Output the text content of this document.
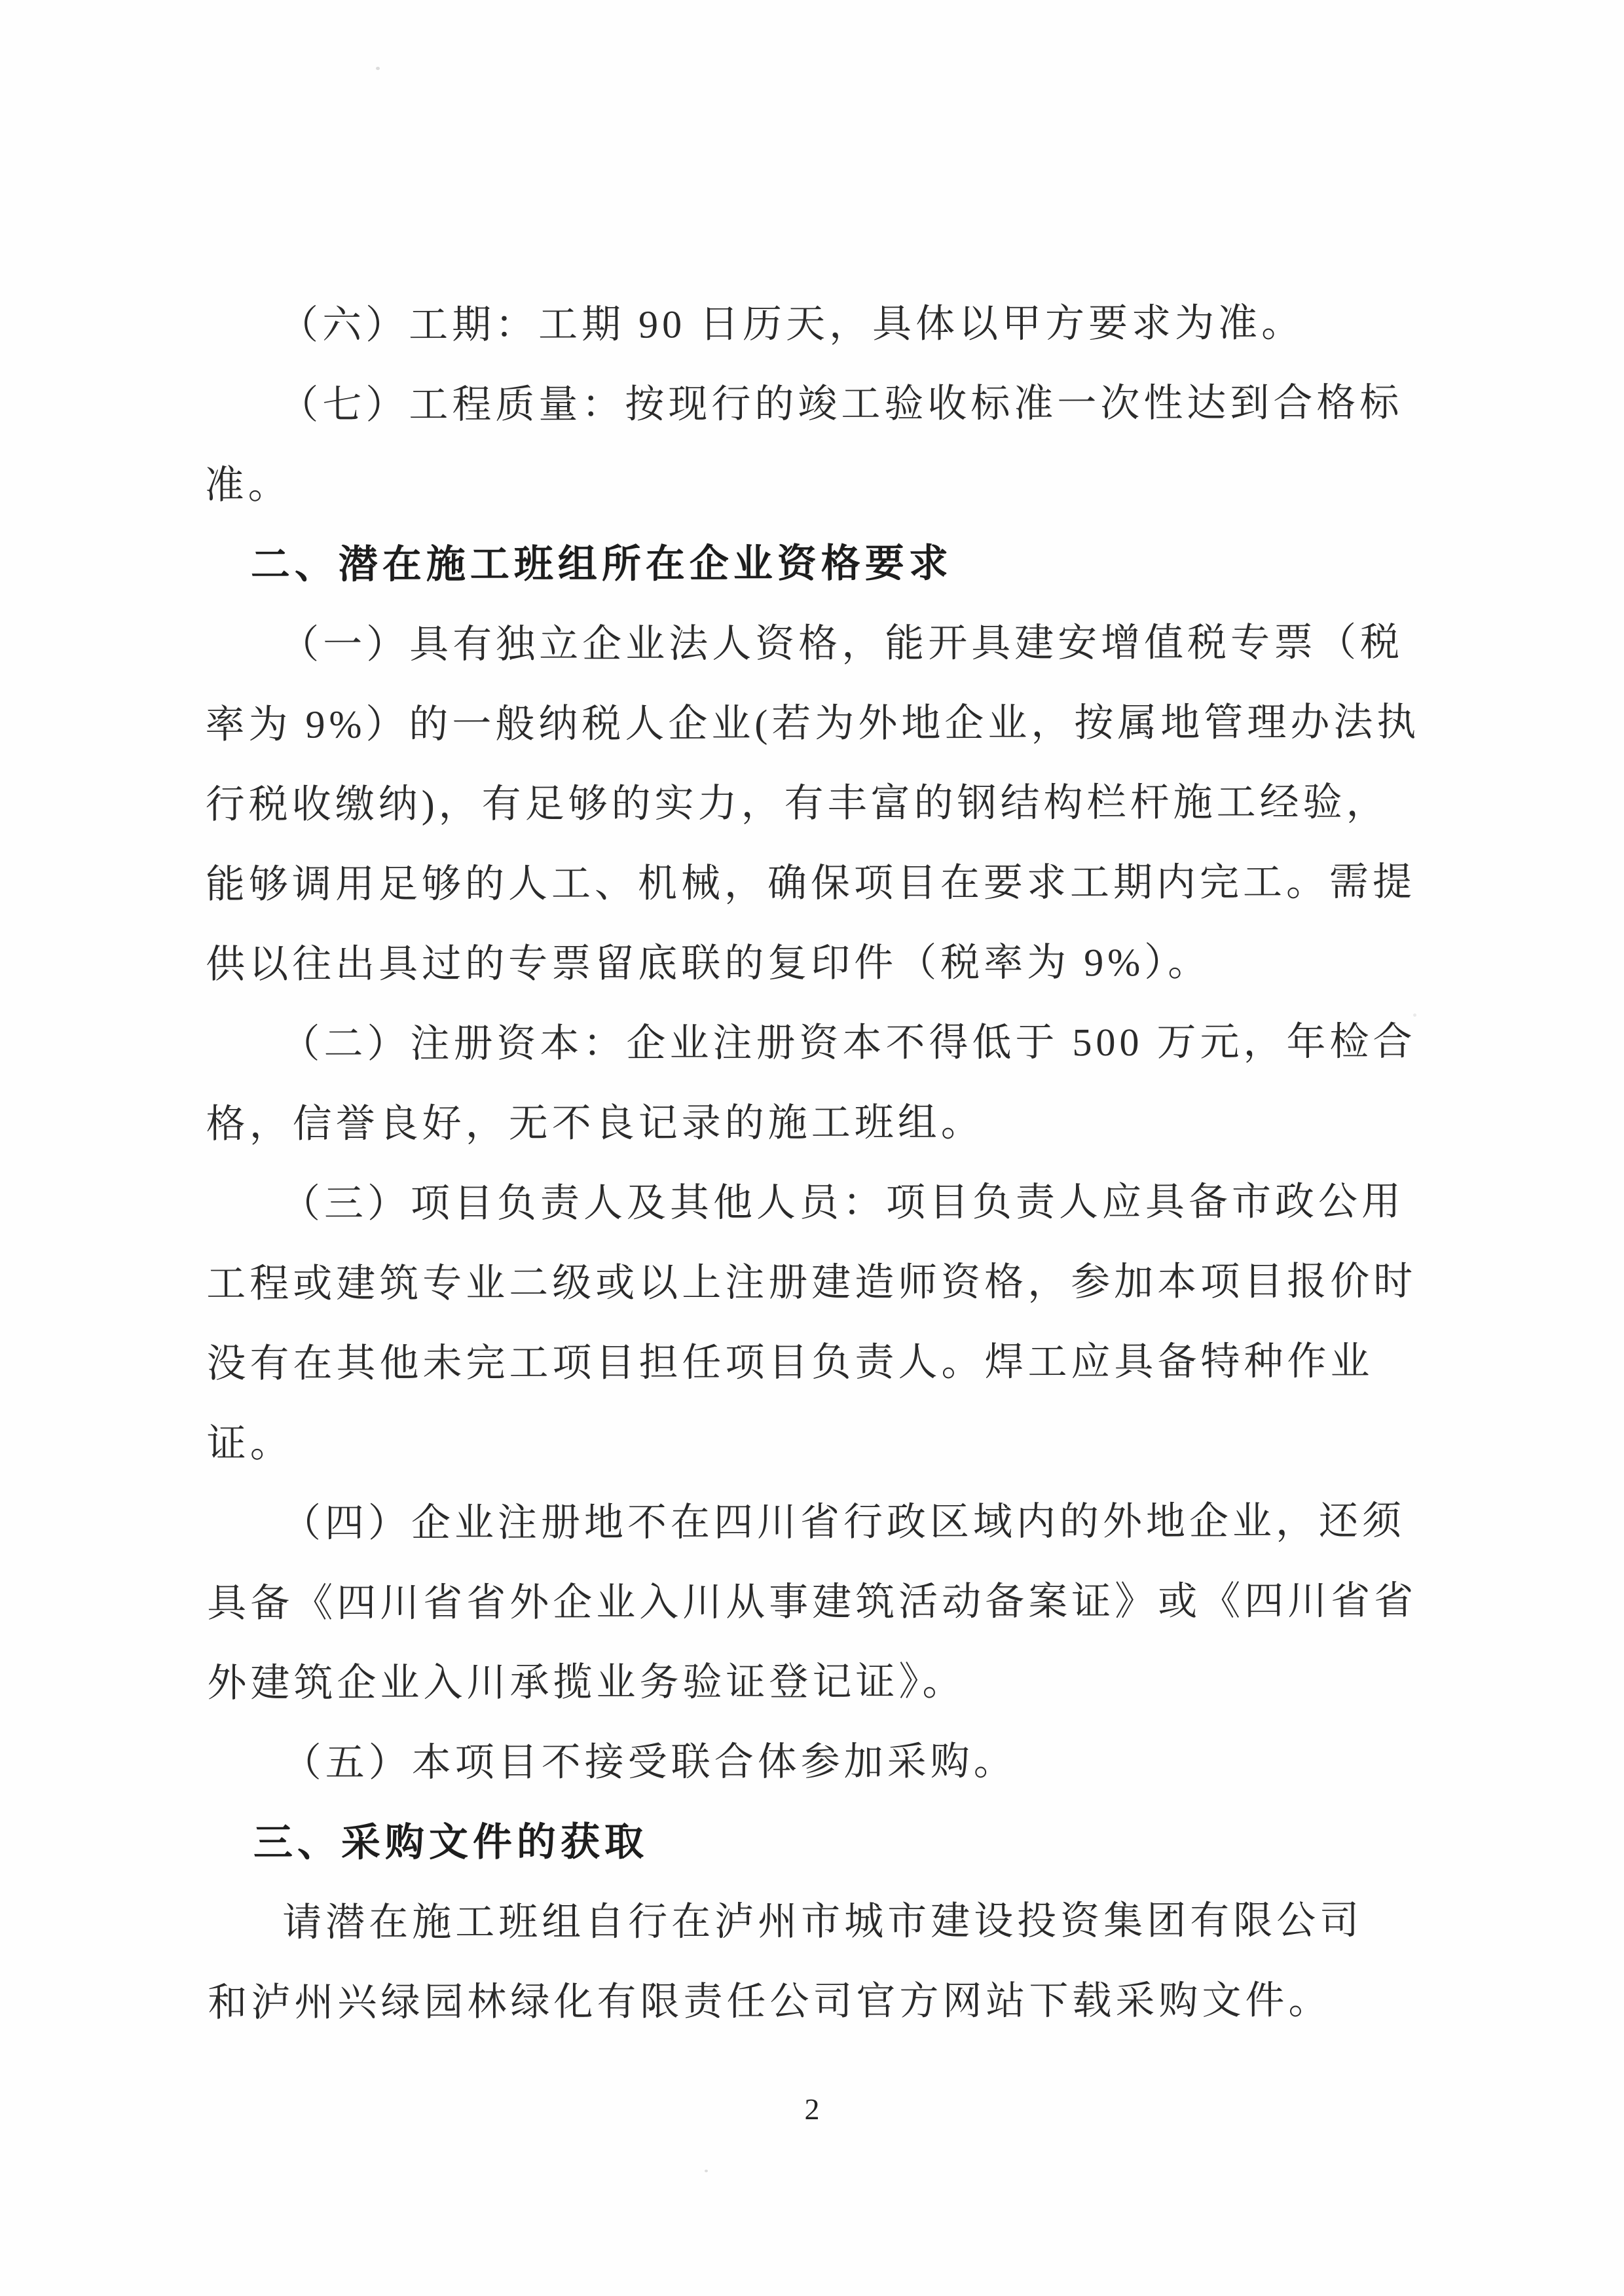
（六）工期：工期 90 日历天，具体以甲方要求为准。

（七）工程质量：按现行的竣工验收标准一次性达到合格标

准。

二、潜在施工班组所在企业资格要求

（一）具有独立企业法人资格，能开具建安增值税专票（税

率为 9%）的一般纳税人企业(若为外地企业，按属地管理办法执

行税收缴纳)，有足够的实力，有丰富的钢结构栏杆施工经验，

能够调用足够的人工、机械，确保项目在要求工期内完工。需提

供以往出具过的专票留底联的复印件（税率为 9%）。

（二）注册资本：企业注册资本不得低于 500 万元，年检合

格，信誉良好，无不良记录的施工班组。

（三）项目负责人及其他人员：项目负责人应具备市政公用

工程或建筑专业二级或以上注册建造师资格，参加本项目报价时

没有在其他未完工项目担任项目负责人。焊工应具备特种作业

证。

（四）企业注册地不在四川省行政区域内的外地企业，还须

具备《四川省省外企业入川从事建筑活动备案证》或《四川省省

外建筑企业入川承揽业务验证登记证》。

（五）本项目不接受联合体参加采购。

三、采购文件的获取

请潜在施工班组自行在泸州市城市建设投资集团有限公司

和泸州兴绿园林绿化有限责任公司官方网站下载采购文件。

2
